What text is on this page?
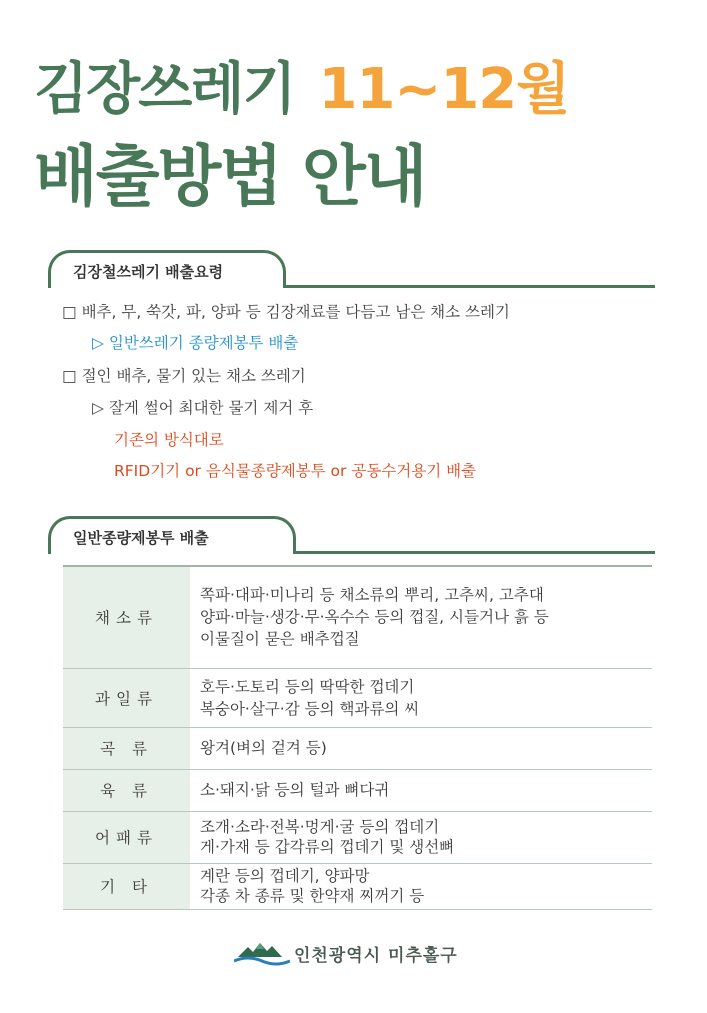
김장쓰레기 11~12월
배출방법 안내
김장철쓰레기 배출요령
□ 배추, 무, 쑥갓, 파, 양파 등 김장재료를 다듬고 남은 채소 쓰레기
▷ 일반쓰레기 종량제봉투 배출
□ 절인 배추, 물기 있는 채소 쓰레기
▷ 잘게 썰어 최대한 물기 제거 후
기존의 방식대로
RFID기기 or 음식물종량제봉투 or 공동수거용기 배출
일반종량제봉투 배출
채소류	쪽파·대파·미나리 등 채소류의 뿌리, 고추씨, 고추대
양파·마늘·생강·무·옥수수 등의 껍질, 시들거나 흙 등
이물질이 묻은 배추껍질

과일류	호두·도토리 등의 딱딱한 껍데기
복숭아·살구·감 등의 핵과류의 씨

곡 류	왕겨(벼의 겉겨 등)

육 류	소·돼지·닭 등의 털과 뼈다귀

어패류	조개·소라·전복·멍게·굴 등의 껍데기
게·가재 등 갑각류의 껍데기 및 생선뼈

기 타	계란 등의 껍데기, 양파망
각종 차 종류 및 한약재 찌꺼기 등
인천광역시 미추홀구
